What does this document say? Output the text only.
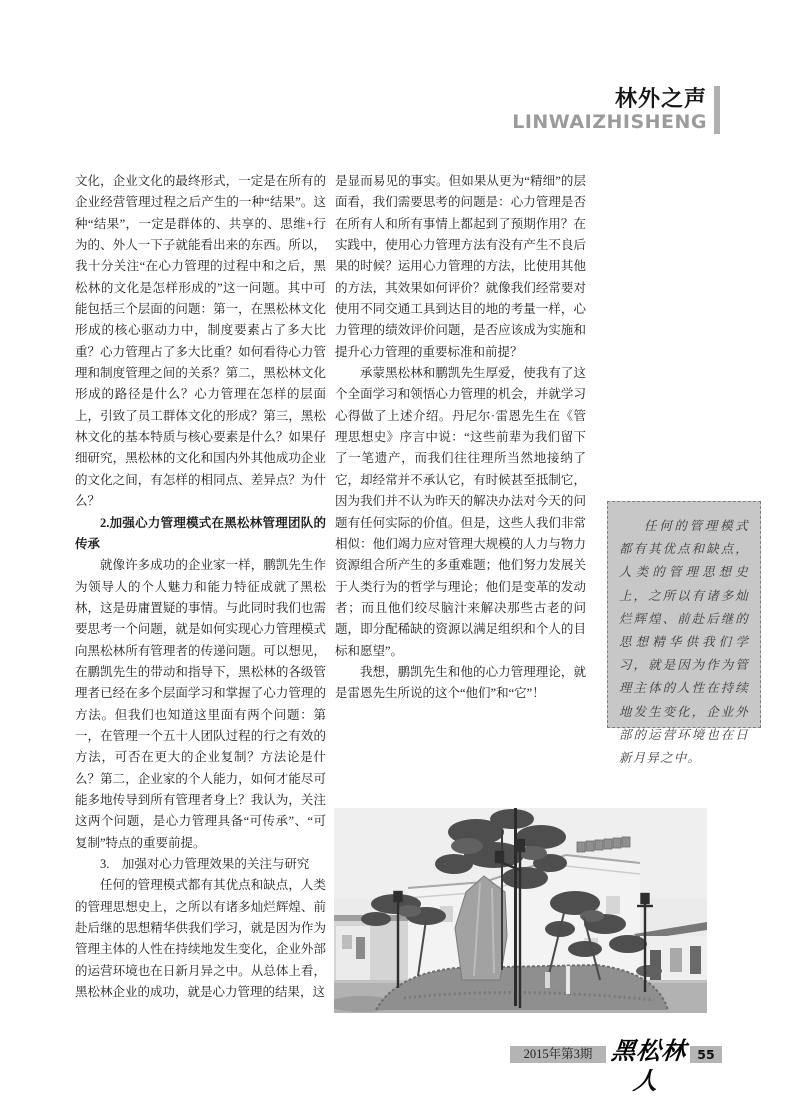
林外之声
LINWAIZHISHENG

文化，企业文化的最终形式，一定是在所有的企业经营管理过程之后产生的一种“结果”。这种“结果”，一定是群体的、共享的、思维+行为的、外人一下子就能看出来的东西。所以，我十分关注“在心力管理的过程中和之后，黑松林的文化是怎样形成的”这一问题。其中可能包括三个层面的问题：第一，在黑松林文化形成的核心驱动力中，制度要素占了多大比重？心力管理占了多大比重？如何看待心力管理和制度管理之间的关系？第二，黑松林文化形成的路径是什么？心力管理在怎样的层面上，引致了员工群体文化的形成？第三，黑松林文化的基本特质与核心要素是什么？如果仔细研究，黑松林的文化和国内外其他成功企业的文化之间，有怎样的相同点、差异点？为什么？

2.加强心力管理模式在黑松林管理团队的传承

就像许多成功的企业家一样，鹏凯先生作为领导人的个人魅力和能力特征成就了黑松林，这是毋庸置疑的事情。与此同时我们也需要思考一个问题，就是如何实现心力管理模式向黑松林所有管理者的传递问题。可以想见，在鹏凯先生的带动和指导下，黑松林的各级管理者已经在多个层面学习和掌握了心力管理的方法。但我们也知道这里面有两个问题：第一，在管理一个五十人团队过程的行之有效的方法，可否在更大的企业复制？方法论是什么？第二，企业家的个人能力，如何才能尽可能多地传导到所有管理者身上？我认为，关注这两个问题，是心力管理具备“可传承”、“可复制”特点的重要前提。

3.　加强对心力管理效果的关注与研究

任何的管理模式都有其优点和缺点，人类的管理思想史上，之所以有诸多灿烂辉煌、前赴后继的思想精华供我们学习，就是因为作为管理主体的人性在持续地发生变化，企业外部的运营环境也在日新月异之中。从总体上看，黑松林企业的成功，就是心力管理的结果，这

是显而易见的事实。但如果从更为“精细”的层面看，我们需要思考的问题是：心力管理是否在所有人和所有事情上都起到了预期作用？在实践中，使用心力管理方法有没有产生不良后果的时候？运用心力管理的方法，比使用其他的方法，其效果如何评价？就像我们经常要对使用不同交通工具到达目的地的考量一样，心力管理的绩效评价问题，是否应该成为实施和提升心力管理的重要标准和前提？

承蒙黑松林和鹏凯先生厚爱，使我有了这个全面学习和领悟心力管理的机会，并就学习心得做了上述介绍。丹尼尔·雷恩先生在《管理思想史》序言中说：“这些前辈为我们留下了一笔遗产，而我们往往理所当然地接纳了它，却经常并不承认它，有时候甚至抵制它，因为我们并不认为昨天的解决办法对今天的问题有任何实际的价值。但是，这些人我们非常相似：他们竭力应对管理大规模的人力与物力资源组合所产生的多重难题；他们努力发展关于人类行为的哲学与理论；他们是变革的发动者；而且他们绞尽脑汁来解决那些古老的问题，即分配稀缺的资源以满足组织和个人的目标和愿望”。

我想，鹏凯先生和他的心力管理理论，就是雷恩先生所说的这个“他们”和“它”！

任何的管理模式都有其优点和缺点，人类的管理思想史上，之所以有诸多灿烂辉煌、前赴后继的思想精华供我们学习，就是因为作为管理主体的人性在持续地发生变化，企业外部的运营环境也在日新月异之中。

2015年第3期 黑松林人
55
